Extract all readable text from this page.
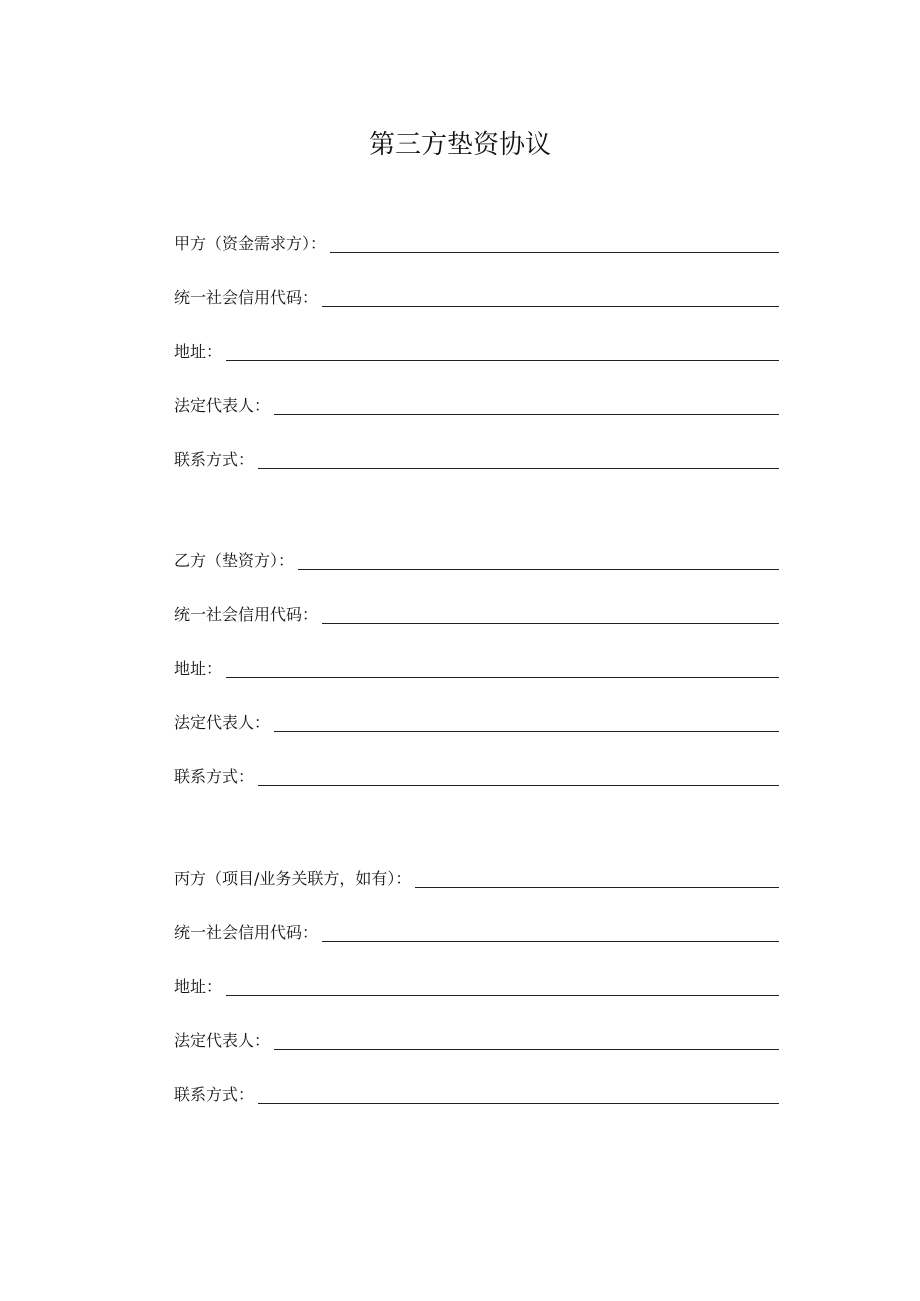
第三方垫资协议
甲方（资金需求方）：
统一社会信用代码：
地址：
法定代表人：
联系方式：
乙方（垫资方）：
统一社会信用代码：
地址：
法定代表人：
联系方式：
丙方（项目/业务关联方，如有）：
统一社会信用代码：
地址：
法定代表人：
联系方式：
